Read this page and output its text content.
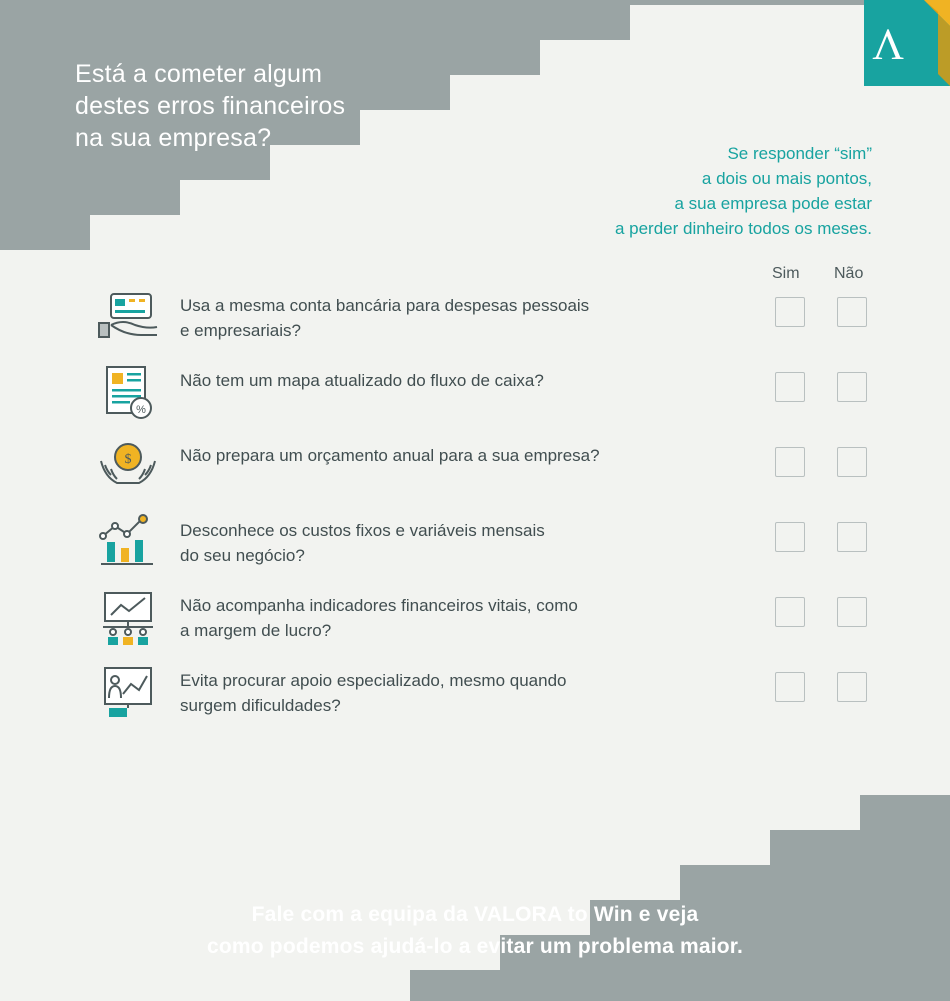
V
Está a cometer algum
destes erros financeiros
na sua empresa?
Se responder “sim”
a dois ou mais pontos,
a sua empresa pode estar
a perder dinheiro todos os meses.
Sim Não
Usa a mesma conta bancária para despesas pessoais
e empresariais?
%
Não tem um mapa atualizado do fluxo de caixa?
$	Não prepara um orçamento anual para a sua empresa?
Desconhece os custos fixos e variáveis mensais
do seu negócio?
Não acompanha indicadores financeiros vitais, como
a margem de lucro?
Evita procurar apoio especializado, mesmo quando
surgem dificuldades?
Fale com a equipa da VALORA to Win e veja
como podemos ajudá-lo a evitar um problema maior.
